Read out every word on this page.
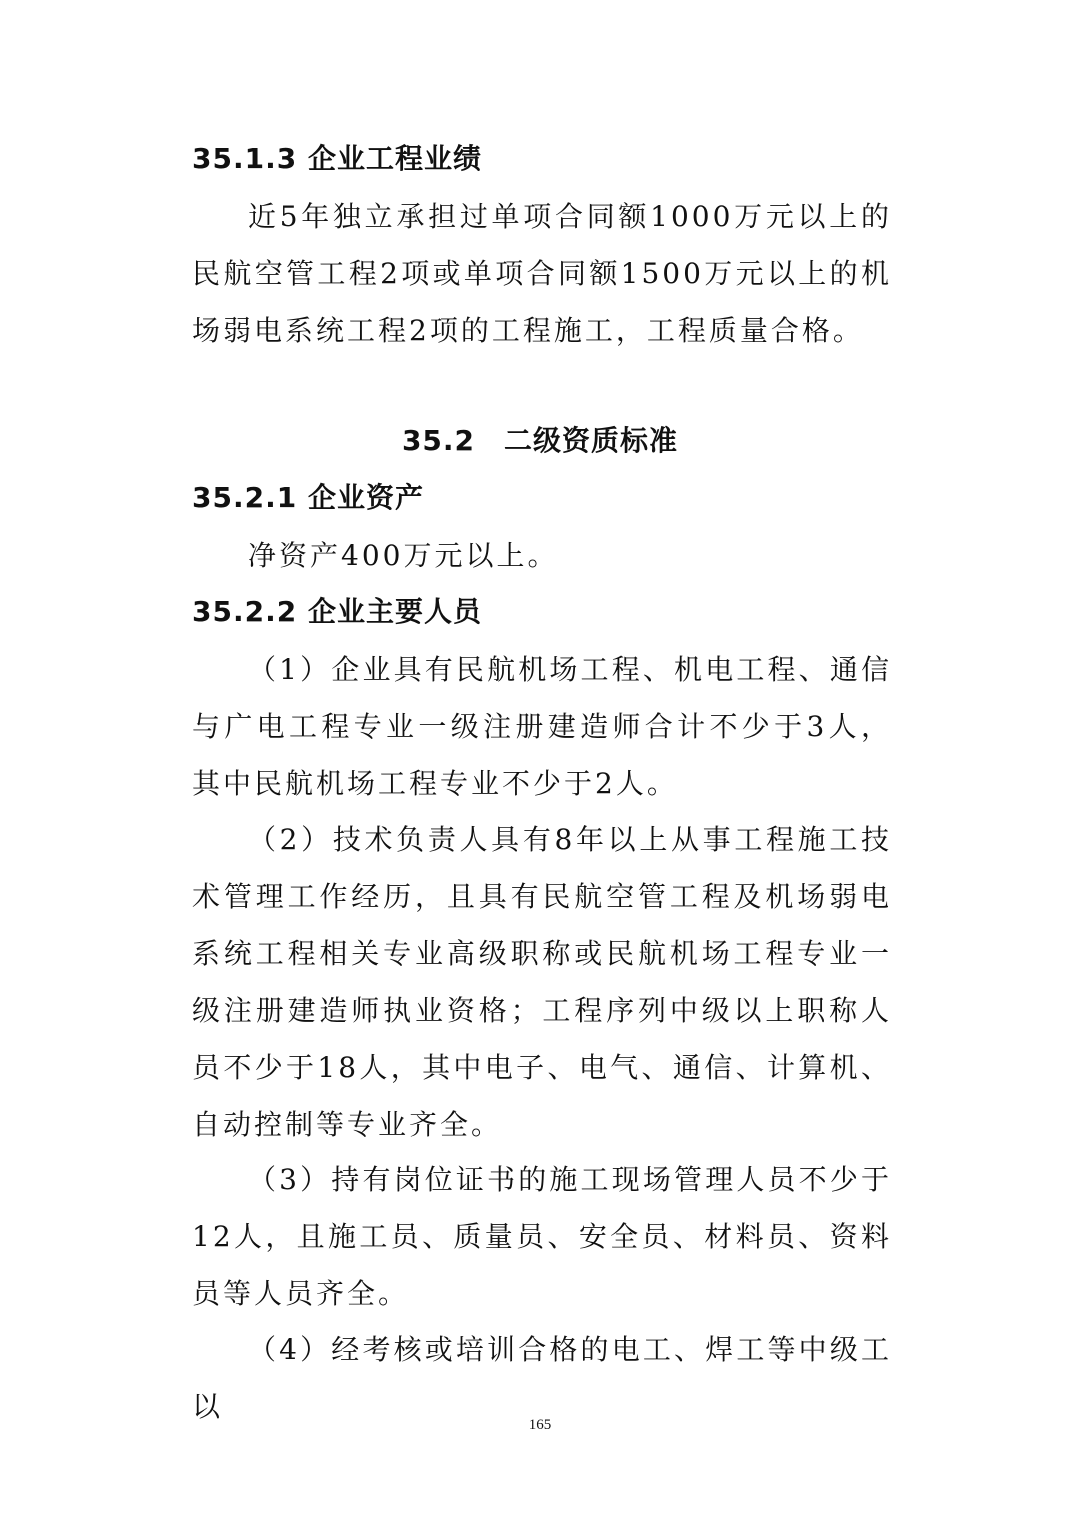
35.1.3 企业工程业绩
近5年独立承担过单项合同额1000万元以上的民航空管工程2项或单项合同额1500万元以上的机场弱电系统工程2项的工程施工，工程质量合格。
35.2　二级资质标准
35.2.1 企业资产
净资产400万元以上。
35.2.2 企业主要人员
（1）企业具有民航机场工程、机电工程、通信与广电工程专业一级注册建造师合计不少于3人，其中民航机场工程专业不少于2人。
（2）技术负责人具有8年以上从事工程施工技术管理工作经历，且具有民航空管工程及机场弱电系统工程相关专业高级职称或民航机场工程专业一级注册建造师执业资格；工程序列中级以上职称人员不少于18人，其中电子、电气、通信、计算机、自动控制等专业齐全。
（3）持有岗位证书的施工现场管理人员不少于12人，且施工员、质量员、安全员、材料员、资料员等人员齐全。
（4）经考核或培训合格的电工、焊工等中级工以
165
